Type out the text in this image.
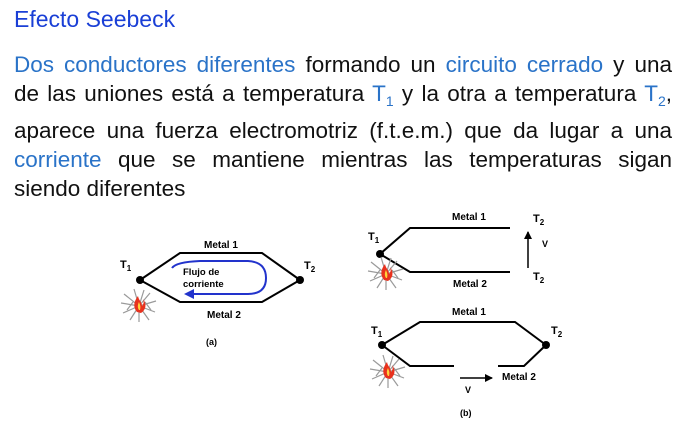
Efecto Seebeck
Dos conductores diferentes formando un circuito cerrado y una de las uniones está a temperatura $T_1$ y la otra a temperatura $T_2$, aparece una fuerza electromotriz (f.t.e.m.) que da lugar a una corriente que se mantiene mientras las temperaturas sigan siendo diferentes
Metal 1
Metal 2
Flujo de
corriente
$T_1$	$T_2$
(a)
Metal 1
Metal 2
$T_1$
$T_2$
$T_2$
V
Metal 1
Metal 2
$T_1$	$T_2$
V
(b)
